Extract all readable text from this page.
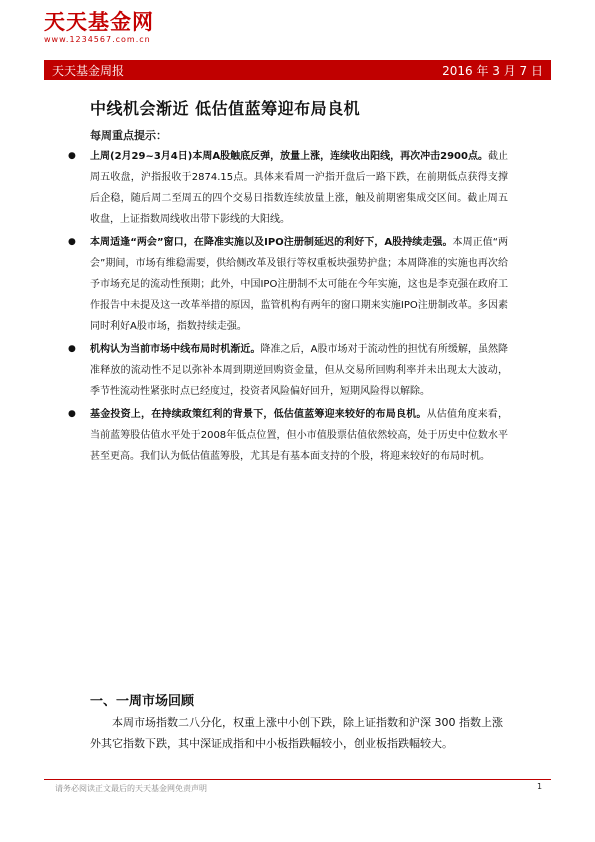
天天基金网
www.1234567.com.cn
天天基金周报	2016 年 3 月 7 日
中线机会渐近 低估值蓝筹迎布局良机
每周重点提示：
● 上周(2月29~3月4日)本周A股触底反弹，放量上涨，连续收出阳线，再次冲击2900点。截止周五收盘，沪指报收于2874.15点。具体来看周一沪指开盘后一路下跌，在前期低点获得支撑后企稳，随后周二至周五的四个交易日指数连续放量上涨，触及前期密集成交区间。截止周五收盘，上证指数周线收出带下影线的大阳线。
● 本周适逢“两会”窗口，在降准实施以及IPO注册制延迟的利好下，A股持续走强。本周正值“两会”期间，市场有维稳需要，供给侧改革及银行等权重板块强势护盘；本周降准的实施也再次给予市场充足的流动性预期；此外，中国IPO注册制不太可能在今年实施，这也是李克强在政府工作报告中未提及这一改革举措的原因，监管机构有两年的窗口期来实施IPO注册制改革。多因素同时利好A股市场，指数持续走强。
● 机构认为当前市场中线布局时机渐近。降准之后，A股市场对于流动性的担忧有所缓解，虽然降准释放的流动性不足以弥补本周到期逆回购资金量，但从交易所回购利率并未出现太大波动，季节性流动性紧张时点已经度过，投资者风险偏好回升，短期风险得以解除。
● 基金投资上，在持续政策红利的背景下，低估值蓝筹迎来较好的布局良机。从估值角度来看，当前蓝筹股估值水平处于2008年低点位置，但小市值股票估值依然较高，处于历史中位数水平甚至更高。我们认为低估值蓝筹股，尤其是有基本面支持的个股，将迎来较好的布局时机。
一、一周市场回顾
本周市场指数二八分化，权重上涨中小创下跌，除上证指数和沪深 300 指数上涨外其它指数下跌，其中深证成指和中小板指跌幅较小，创业板指跌幅较大。
请务必阅读正文最后的天天基金网免责声明	1
